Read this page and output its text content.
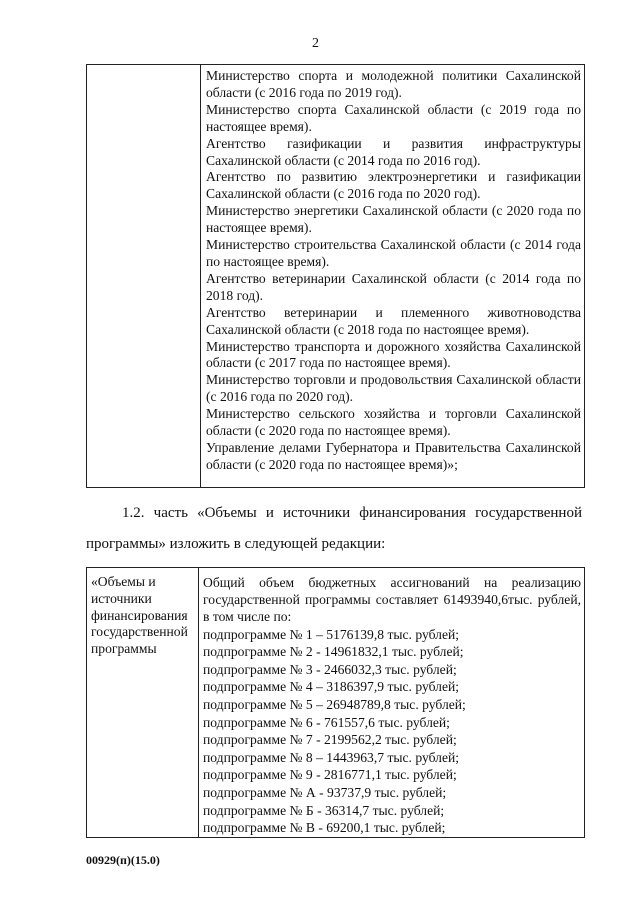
2

Министерство спорта и молодежной политики Сахалинской области (с 2016 года по 2019 год).
Министерство спорта Сахалинской области (с 2019 года по настоящее время).
Агентство газификации и развития инфраструктуры Сахалинской области (с 2014 года по 2016 год).
Агентство по развитию электроэнергетики и газификации Сахалинской области (с 2016 года по 2020 год).
Министерство энергетики Сахалинской области (с 2020 года по настоящее время).
Министерство строительства Сахалинской области (с 2014 года по настоящее время).
Агентство ветеринарии Сахалинской области (с 2014 года по 2018 год).
Агентство ветеринарии и племенного животноводства Сахалинской области (с 2018 года по настоящее время).
Министерство транспорта и дорожного хозяйства Сахалинской области (с 2017 года по настоящее время).
Министерство торговли и продовольствия Сахалинской области (с 2016 года по 2020 год).
Министерство сельского хозяйства и торговли Сахалинской области (с 2020 года по настоящее время).
Управление делами Губернатора и Правительства Сахалинской области (с 2020 года по настоящее время)»;
1.2. часть «Объемы и источники финансирования государственной
программы» изложить в следующей редакции:
«Объемы и источники финансирования государственной программы	
Общий объем бюджетных ассигнований на реализацию государственной программы составляет 61493940,6тыс. рублей, в том числе по:
подпрограмме № 1 – 5176139,8 тыс. рублей;
подпрограмме № 2 - 14961832,1 тыс. рублей;
подпрограмме № 3 - 2466032,3 тыс. рублей;
подпрограмме № 4 – 3186397,9 тыс. рублей;
подпрограмме № 5 – 26948789,8 тыс. рублей;
подпрограмме № 6 - 761557,6 тыс. рублей;
подпрограмме № 7 - 2199562,2 тыс. рублей;
подпрограмме № 8 – 1443963,7 тыс. рублей;
подпрограмме № 9 - 2816771,1 тыс. рублей;
подпрограмме № А - 93737,9 тыс. рублей;
подпрограмме № Б - 36314,7 тыс. рублей;
подпрограмме № В - 69200,1 тыс. рублей;
00929(п)(15.0)
